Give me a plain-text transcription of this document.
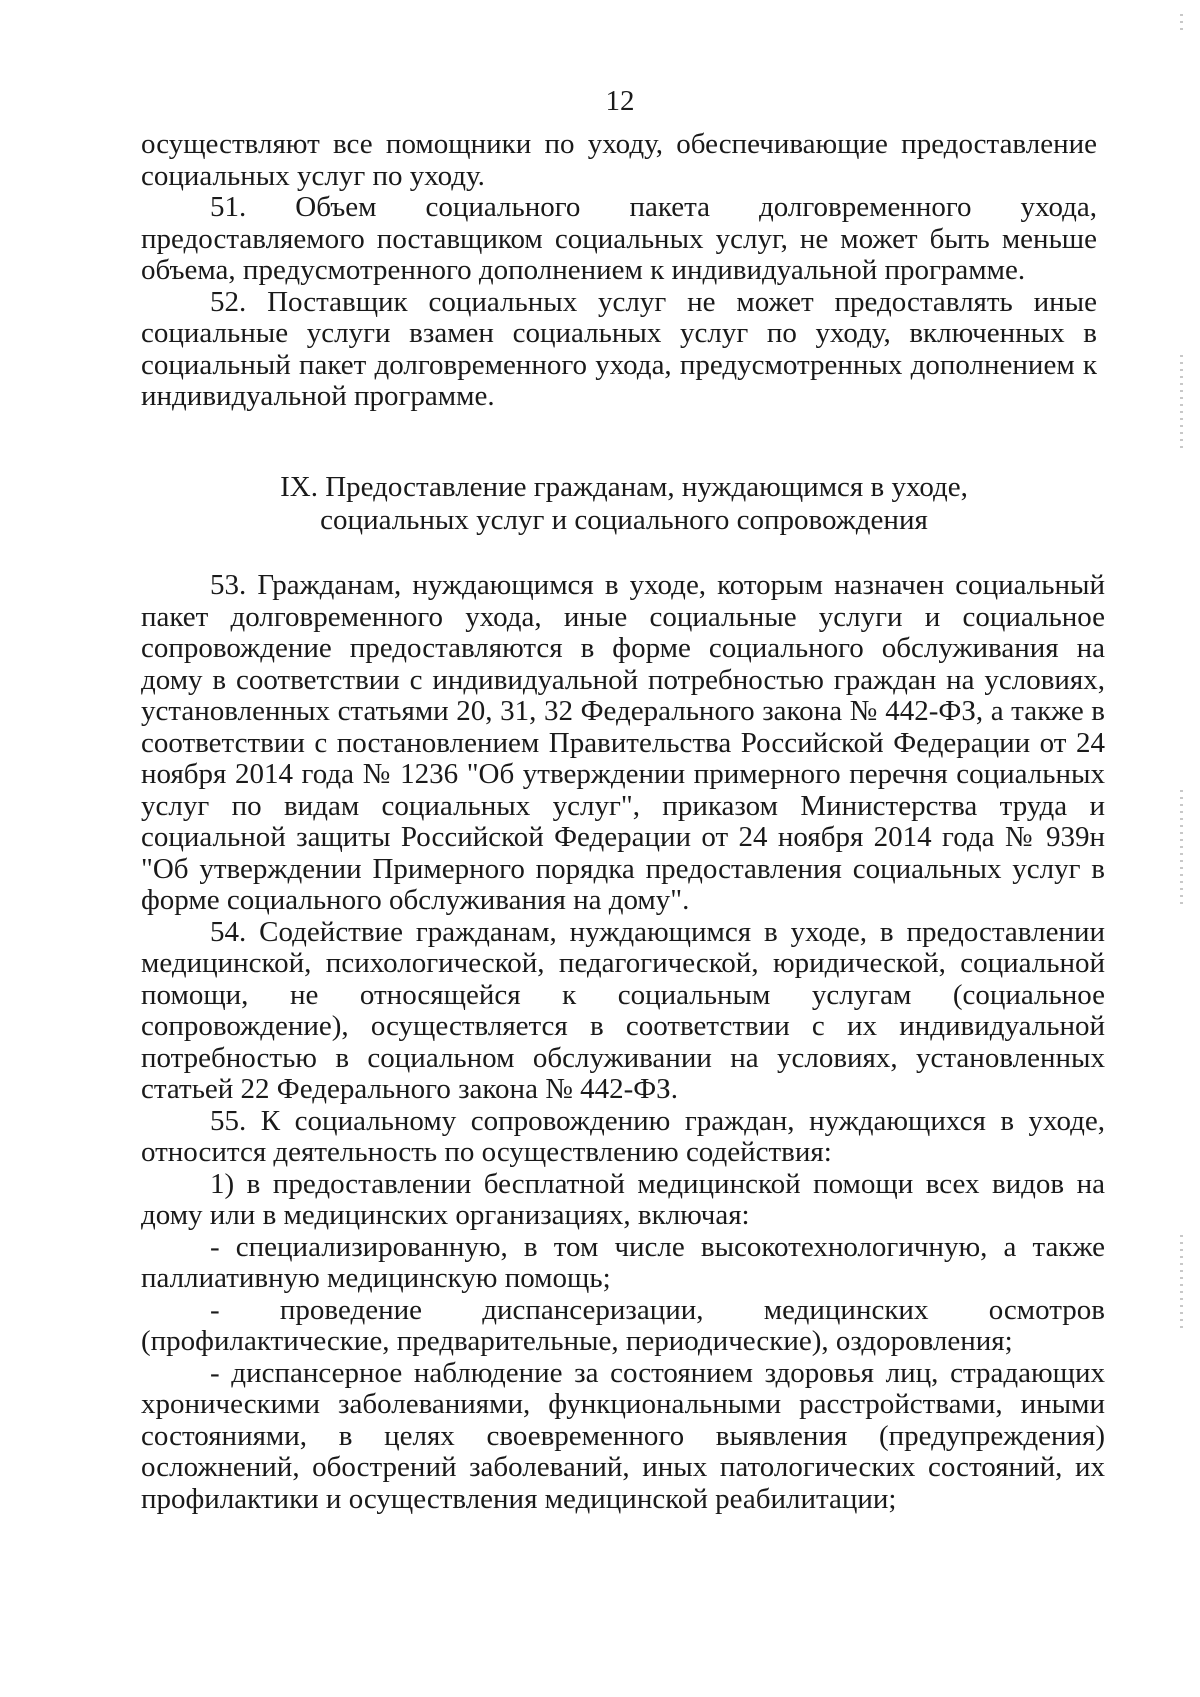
12

осуществляют все помощники по уходу, обеспечивающие предоставление социальных услуг по уходу.

51. Объем социального пакета долговременного ухода, предоставляемого поставщиком социальных услуг, не может быть меньше объема, предусмотренного дополнением к индивидуальной программе.

52. Поставщик социальных услуг не может предоставлять иные социальные услуги взамен социальных услуг по уходу, включенных в социальный пакет долговременного ухода, предусмотренных дополнением к индивидуальной программе.

IX. Предоставление гражданам, нуждающимся в уходе,
социальных услуг и социального сопровождения

53. Гражданам, нуждающимся в уходе, которым назначен социальный пакет долговременного ухода, иные социальные услуги и социальное сопровождение предоставляются в форме социального обслуживания на дому в соответствии с индивидуальной потребностью граждан на условиях, установленных статьями 20, 31, 32 Федерального закона № 442-ФЗ, а также в соответствии с постановлением Правительства Российской Федерации от 24 ноября 2014 года № 1236 "Об утверждении примерного перечня социальных услуг по видам социальных услуг", приказом Министерства труда и социальной защиты Российской Федерации от 24 ноября 2014 года № 939н "Об утверждении Примерного порядка предоставления социальных услуг в форме социального обслуживания на дому".

54. Содействие гражданам, нуждающимся в уходе, в предоставлении медицинской, психологической, педагогической, юридической, социальной помощи, не относящейся к социальным услугам (социальное сопровождение), осуществляется в соответствии с их индивидуальной потребностью в социальном обслуживании на условиях, установленных статьей 22 Федерального закона № 442-ФЗ.

55. К социальному сопровождению граждан, нуждающихся в уходе, относится деятельность по осуществлению содействия:

1) в предоставлении бесплатной медицинской помощи всех видов на дому или в медицинских организациях, включая:

- специализированную, в том числе высокотехнологичную, а также паллиативную медицинскую помощь;

- проведение диспансеризации, медицинских осмотров (профилактические, предварительные, периодические), оздоровления;

- диспансерное наблюдение за состоянием здоровья лиц, страдающих хроническими заболеваниями, функциональными расстройствами, иными состояниями, в целях своевременного выявления (предупреждения) осложнений, обострений заболеваний, иных патологических состояний, их профилактики и осуществления медицинской реабилитации;
